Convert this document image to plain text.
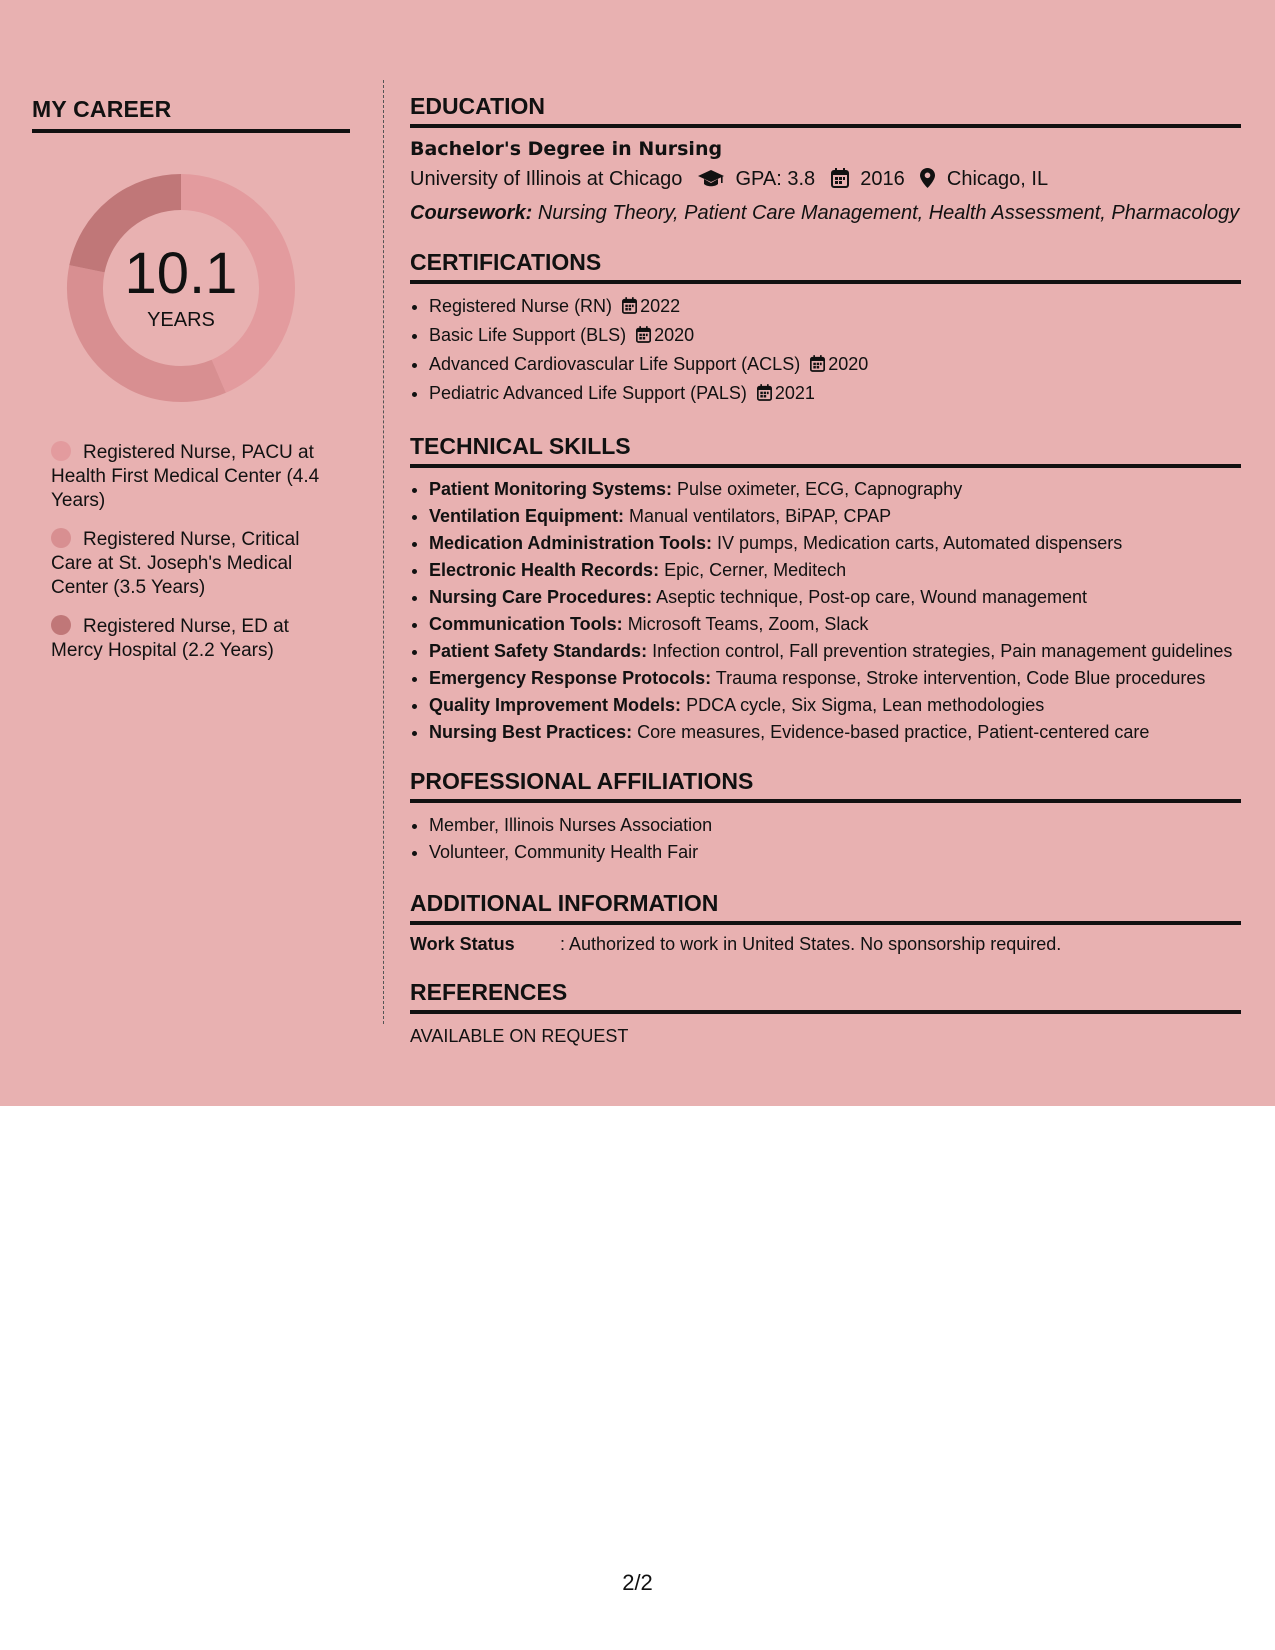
MY CAREER
10.1
YEARS
Registered Nurse, PACU at Health First Medical Center (4.4 Years)
Registered Nurse, Critical Care at St. Joseph's Medical Center (3.5 Years)
Registered Nurse, ED at Mercy Hospital (2.2 Years)
EDUCATION
Bachelor's Degree in Nursing
University of Illinois at Chicago	GPA: 3.8 2016 Chicago, IL
Coursework: Nursing Theory, Patient Care Management, Health Assessment, Pharmacology
CERTIFICATIONS
• Registered Nurse (RN) 2022
• Basic Life Support (BLS) 2020
• Advanced Cardiovascular Life Support (ACLS) 2020
• Pediatric Advanced Life Support (PALS) 2021
TECHNICAL SKILLS
• Patient Monitoring Systems: Pulse oximeter, ECG, Capnography
• Ventilation Equipment: Manual ventilators, BiPAP, CPAP
• Medication Administration Tools: IV pumps, Medication carts, Automated dispensers
• Electronic Health Records: Epic, Cerner, Meditech
• Nursing Care Procedures: Aseptic technique, Post-op care, Wound management
• Communication Tools: Microsoft Teams, Zoom, Slack
• Patient Safety Standards: Infection control, Fall prevention strategies, Pain management guidelines
• Emergency Response Protocols: Trauma response, Stroke intervention, Code Blue procedures
• Quality Improvement Models: PDCA cycle, Six Sigma, Lean methodologies
• Nursing Best Practices: Core measures, Evidence-based practice, Patient-centered care
PROFESSIONAL AFFILIATIONS
• Member, Illinois Nurses Association
• Volunteer, Community Health Fair
ADDITIONAL INFORMATION
Work Status	: Authorized to work in United States. No sponsorship required.
REFERENCES
AVAILABLE ON REQUEST
2/2
